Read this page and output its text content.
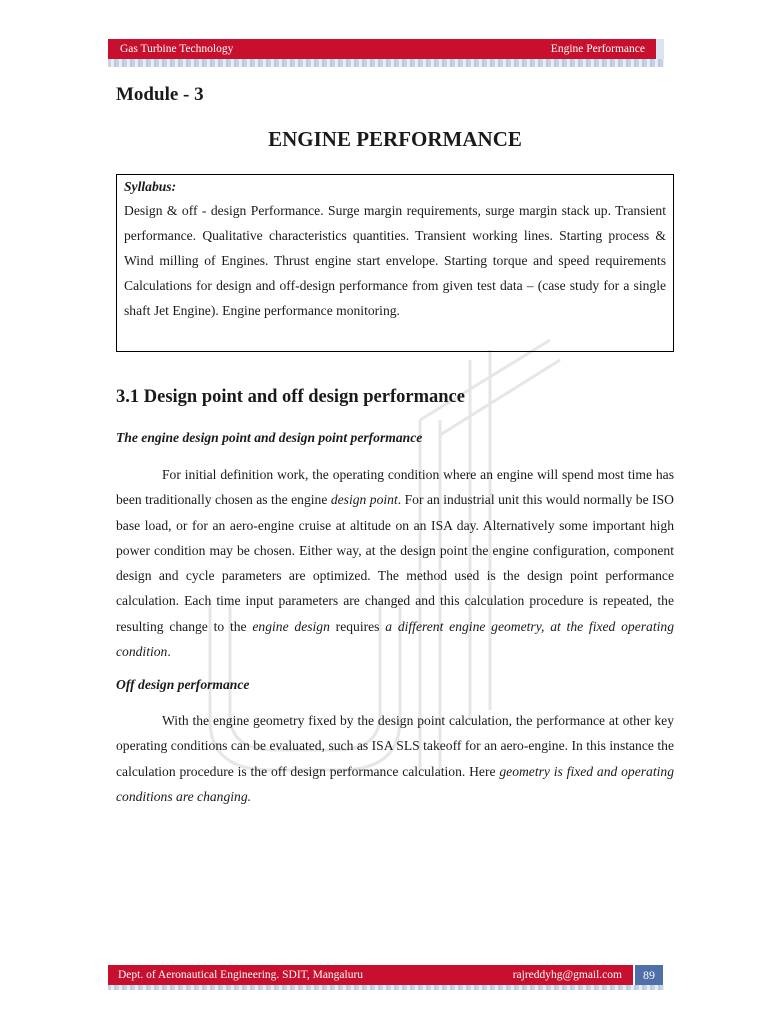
Gas Turbine Technology	Engine Performance
Module - 3
ENGINE PERFORMANCE
Syllabus:

Design & off - design Performance. Surge margin requirements, surge margin stack up. Transient performance. Qualitative characteristics quantities. Transient working lines. Starting process & Wind milling of Engines. Thrust engine start envelope. Starting torque and speed requirements Calculations for design and off-design performance from given test data – (case study for a single shaft Jet Engine). Engine performance monitoring.

3.1 Design point and off design performance
The engine design point and design point performance

For initial definition work, the operating condition where an engine will spend most time has been traditionally chosen as the engine design point. For an industrial unit this would normally be ISO base load, or for an aero-engine cruise at altitude on an ISA day. Alternatively some important high power condition may be chosen. Either way, at the design point the engine configuration, component design and cycle parameters are optimized. The method used is the design point performance calculation. Each time input parameters are changed and this calculation procedure is repeated, the resulting change to the engine design requires a different engine geometry, at the fixed operating condition.

Off design performance

With the engine geometry fixed by the design point calculation, the performance at other key operating conditions can be evaluated, such as ISA SLS takeoff for an aero-engine. In this instance the calculation procedure is the off design performance calculation. Here geometry is fixed and operating conditions are changing.

Dept. of Aeronautical Engineering. SDIT, Mangaluru	rajreddyhg@gmail.com	89
